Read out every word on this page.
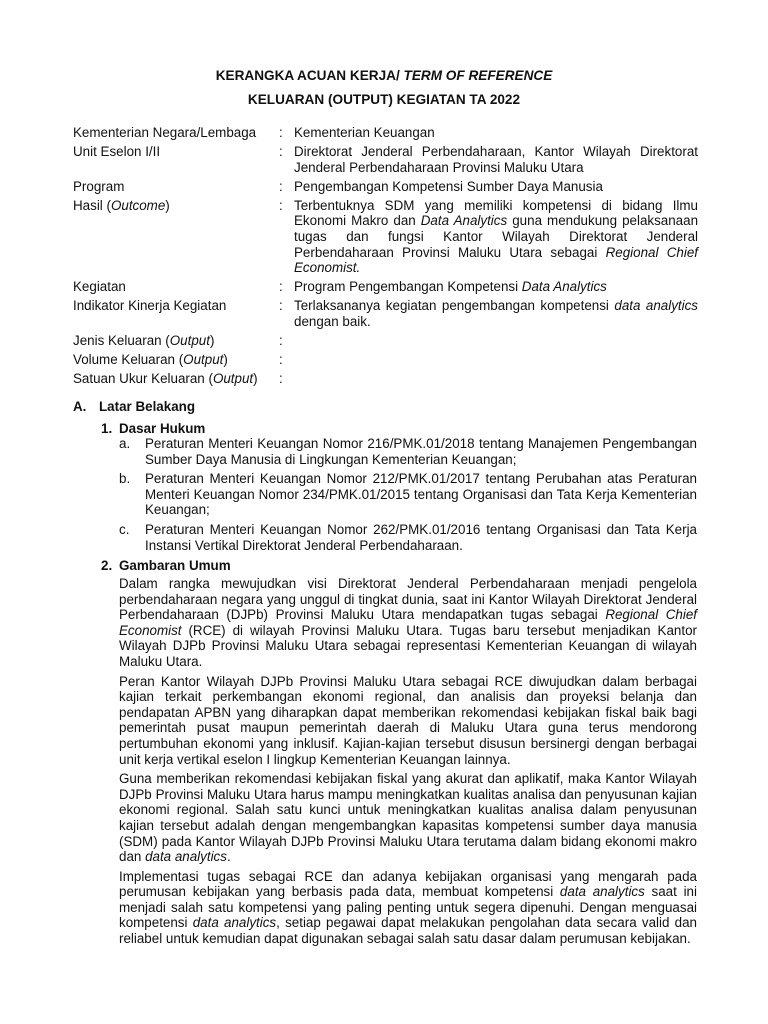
KERANGKA ACUAN KERJA/ TERM OF REFERENCE
KELUARAN (OUTPUT) KEGIATAN TA 2022
Kementerian Negara/Lembaga	: Kementerian Keuangan
Unit Eselon I/II	: Direktorat Jenderal Perbendaharaan, Kantor Wilayah Direktorat Jenderal Perbendaharaan Provinsi Maluku Utara
Program	: Pengembangan Kompetensi Sumber Daya Manusia
Hasil (Outcome)	: Terbentuknya SDM yang memiliki kompetensi di bidang Ilmu Ekonomi Makro dan Data Analytics guna mendukung pelaksanaan tugas dan fungsi Kantor Wilayah Direktorat Jenderal Perbendaharaan Provinsi Maluku Utara sebagai Regional Chief Economist.
Kegiatan	: Program Pengembangan Kompetensi Data Analytics
Indikator Kinerja Kegiatan	: Terlaksananya kegiatan pengembangan kompetensi data analytics dengan baik.
Jenis Keluaran (Output)	:
Volume Keluaran (Output)	:
Satuan Ukur Keluaran (Output)	:
A. Latar Belakang
1. Dasar Hukum
a.	Peraturan Menteri Keuangan Nomor 216/PMK.01/2018 tentang Manajemen Pengembangan Sumber Daya Manusia di Lingkungan Kementerian Keuangan;
b.	Peraturan Menteri Keuangan Nomor 212/PMK.01/2017 tentang Perubahan atas Peraturan Menteri Keuangan Nomor 234/PMK.01/2015 tentang Organisasi dan Tata Kerja Kementerian Keuangan;
c.	Peraturan Menteri Keuangan Nomor 262/PMK.01/2016 tentang Organisasi dan Tata Kerja Instansi Vertikal Direktorat Jenderal Perbendaharaan.
2. Gambaran Umum

Dalam rangka mewujudkan visi Direktorat Jenderal Perbendaharaan menjadi pengelola perbendaharaan negara yang unggul di tingkat dunia, saat ini Kantor Wilayah Direktorat Jenderal Perbendaharaan (DJPb) Provinsi Maluku Utara mendapatkan tugas sebagai Regional Chief Economist (RCE) di wilayah Provinsi Maluku Utara. Tugas baru tersebut menjadikan Kantor Wilayah DJPb Provinsi Maluku Utara sebagai representasi Kementerian Keuangan di wilayah Maluku Utara.

Peran Kantor Wilayah DJPb Provinsi Maluku Utara sebagai RCE diwujudkan dalam berbagai kajian terkait perkembangan ekonomi regional, dan analisis dan proyeksi belanja dan pendapatan APBN yang diharapkan dapat memberikan rekomendasi kebijakan fiskal baik bagi pemerintah pusat maupun pemerintah daerah di Maluku Utara guna terus mendorong pertumbuhan ekonomi yang inklusif. Kajian-kajian tersebut disusun bersinergi dengan berbagai unit kerja vertikal eselon I lingkup Kementerian Keuangan lainnya.

Guna memberikan rekomendasi kebijakan fiskal yang akurat dan aplikatif, maka Kantor Wilayah DJPb Provinsi Maluku Utara harus mampu meningkatkan kualitas analisa dan penyusunan kajian ekonomi regional. Salah satu kunci untuk meningkatkan kualitas analisa dalam penyusunan kajian tersebut adalah dengan mengembangkan kapasitas kompetensi sumber daya manusia (SDM) pada Kantor Wilayah DJPb Provinsi Maluku Utara terutama dalam bidang ekonomi makro dan data analytics.

Implementasi tugas sebagai RCE dan adanya kebijakan organisasi yang mengarah pada perumusan kebijakan yang berbasis pada data, membuat kompetensi data analytics saat ini menjadi salah satu kompetensi yang paling penting untuk segera dipenuhi. Dengan menguasai kompetensi data analytics, setiap pegawai dapat melakukan pengolahan data secara valid dan reliabel untuk kemudian dapat digunakan sebagai salah satu dasar dalam perumusan kebijakan.
